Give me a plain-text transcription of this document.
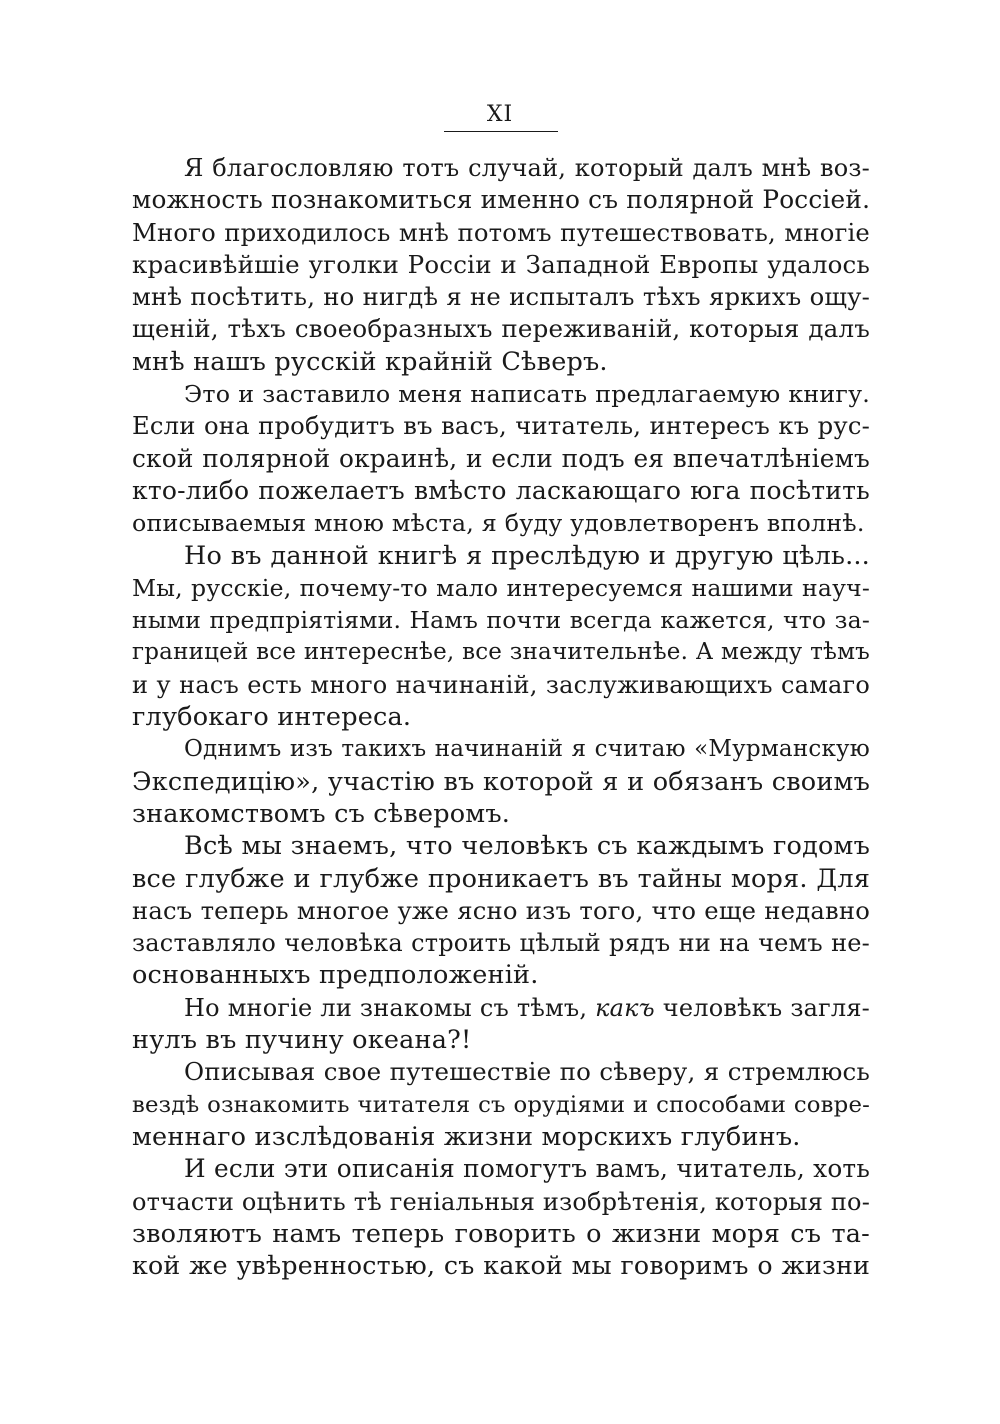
XI
Я благословляю тотъ случай, который далъ мнѣ воз-
можность познакомиться именно съ полярной Россіей.
Много приходилось мнѣ потомъ путешествовать, многіе
красивѣйшіе уголки Россіи и Западной Европы удалось
мнѣ посѣтить, но нигдѣ я не испыталъ тѣхъ яркихъ ощу-
щеній, тѣхъ своеобразныхъ переживаній, которыя далъ
мнѣ нашъ русскій крайній Сѣверъ.
Это и заставило меня написать предлагаемую книгу.
Если она пробудитъ въ васъ, читатель, интересъ къ рус-
ской полярной окраинѣ, и если подъ ея впечатлѣніемъ
кто-либо пожелаетъ вмѣсто ласкающаго юга посѣтить
описываемыя мною мѣста, я буду удовлетворенъ вполнѣ.
Но въ данной книгѣ я преслѣдую и другую цѣль...
Мы, русскіе, почему-то мало интересуемся нашими науч-
ными предпріятіями. Намъ почти всегда кажется, что за-
границей все интереснѣе, все значительнѣе. А между тѣмъ
и у насъ есть много начинаній, заслуживающихъ самаго
глубокаго интереса.
Однимъ изъ такихъ начинаній я считаю «Мурманскую
Экспедицію», участію въ которой я и обязанъ своимъ
знакомствомъ съ сѣверомъ.
Всѣ мы знаемъ, что человѣкъ съ каждымъ годомъ
все глубже и глубже проникаетъ въ тайны моря. Для
насъ теперь многое уже ясно изъ того, что еще недавно
заставляло человѣка строить цѣлый рядъ ни на чемъ не-
основанныхъ предположеній.
Но многіе ли знакомы съ тѣмъ, какъ человѣкъ загля-
нулъ въ пучину океана?!
Описывая свое путешествіе по сѣверу, я стремлюсь
вездѣ ознакомить читателя съ орудіями и способами совре-
меннаго изслѣдованія жизни морскихъ глубинъ.
И если эти описанія помогутъ вамъ, читатель, хоть
отчасти оцѣнить тѣ геніальныя изобрѣтенія, которыя по-
зволяютъ намъ теперь говорить о жизни моря съ та-
кой же увѣренностью, съ какой мы говоримъ о жизни
